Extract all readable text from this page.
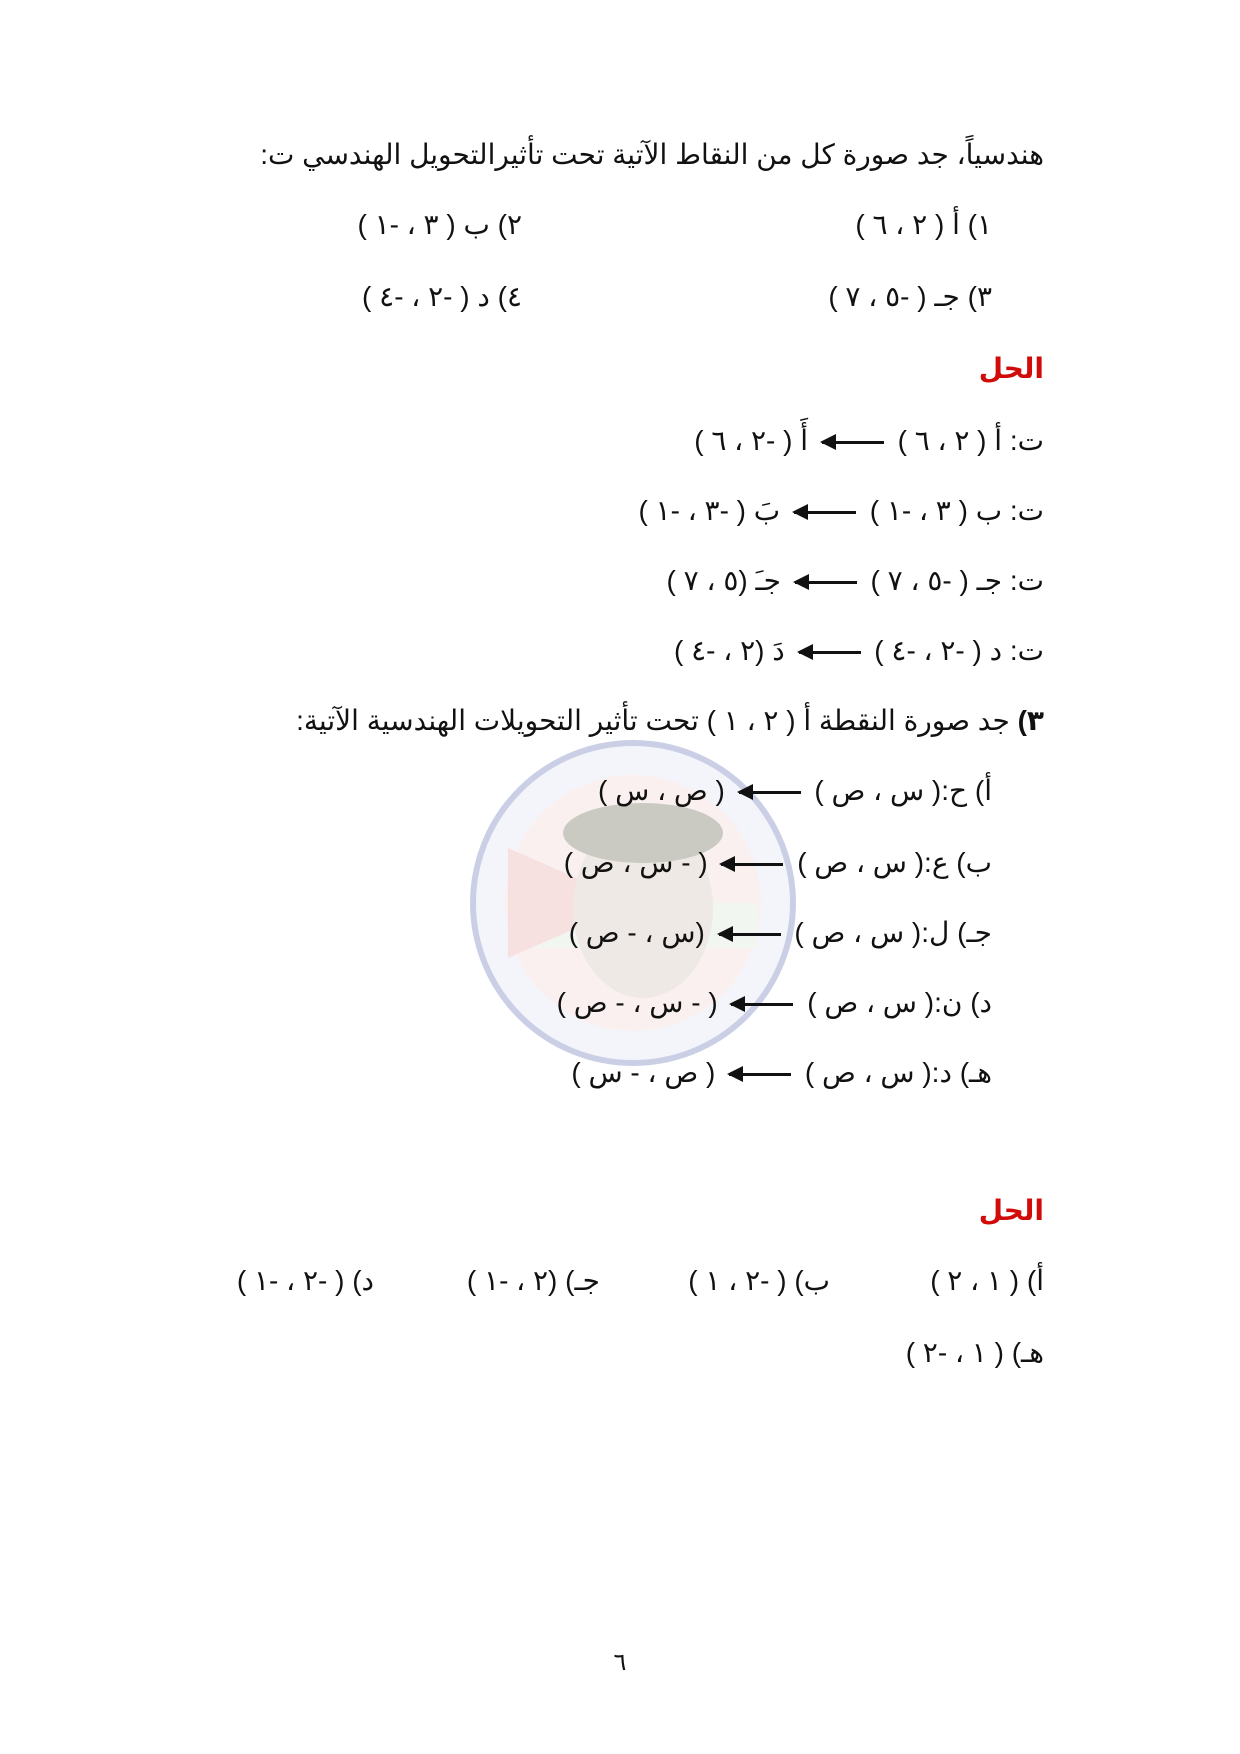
هندسياً، جد صورة كل من النقاط الآتية تحت تأثيرالتحويل الهندسي ت:
١) أ ( ٢ ، ٦ )
٢) ب ( ٣ ، -١ )
٣) جـ ( -٥ ، ٧ )
٤) د ( -٢ ، -٤ )
الحل
ت: أ ( ٢ ، ٦ )  أَ ( -٢ ، ٦ )
ت: ب ( ٣ ، -١ )  بَ ( -٣ ، -١ )
ت: جـ ( -٥ ، ٧ )  جـَ (٥ ، ٧ )
ت: د ( -٢ ، -٤ )  دَ (٢ ، -٤ )
٣) جد صورة النقطة أ ( ٢ ، ١ ) تحت تأثير التحويلات الهندسية الآتية:
أ) ح:( س ، ص )  ( ص ، س )
ب) ع:( س ، ص )  ( - س ، ص )
جـ) ل:( س ، ص )  (س ، - ص )
د) ن:( س ، ص )  ( - س ، - ص )
هـ) د:( س ، ص )  ( ص ، - س )
الحل
أ) ( ١ ، ٢ )
ب) ( -٢ ، ١ )
جـ) (٢ ، -١ )
د) ( -٢ ، -١ )
هـ) ( ١ ، -٢ )
٦
